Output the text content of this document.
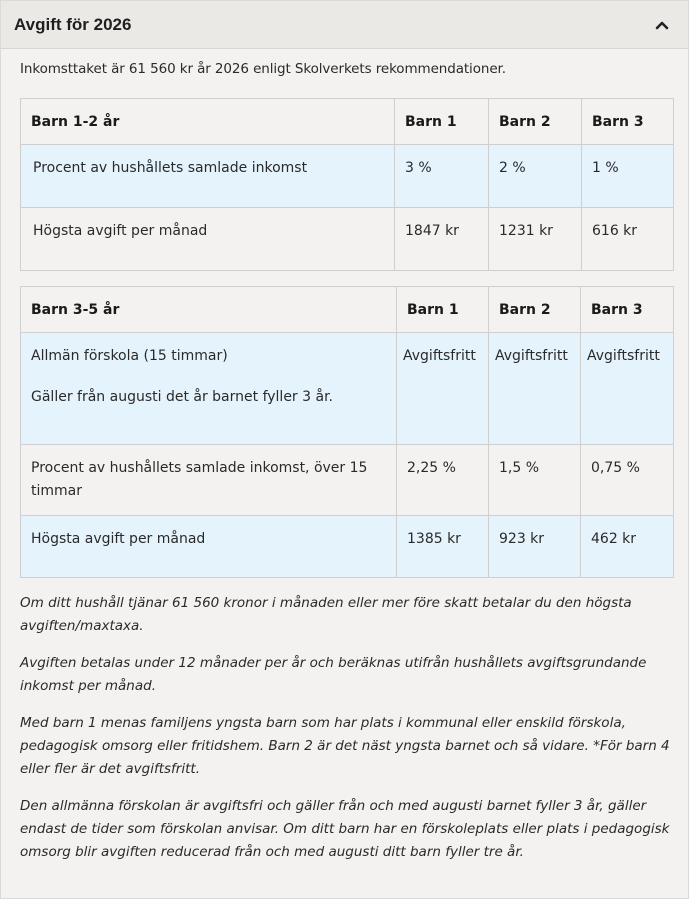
Avgift för 2026
Inkomsttaket är 61 560 kr år 2026 enligt Skolverkets rekommendationer.
Barn 1-2 år	Barn 1	Barn 2	Barn 3
Procent av hushållets samlade inkomst	3 %	2 %	1 %
Högsta avgift per månad	1847 kr	1231 kr	616 kr
Barn 3-5 år	Barn 1	Barn 2	Barn 3

Allmän förskola (15 timmar)
Gäller från augusti det år barnet fyller 3 år.	Avgiftsfritt	Avgiftsfritt	Avgiftsfritt
Procent av hushållets samlade inkomst, över 15 timmar	2,25 %	1,5 %	0,75 %
Högsta avgift per månad	1385 kr	923 kr	462 kr

Om ditt hushåll tjänar 61 560 kronor i månaden eller mer före skatt betalar du den högsta avgiften/maxtaxa.

Avgiften betalas under 12 månader per år och beräknas utifrån hushållets avgiftsgrundande inkomst per månad.

Med barn 1 menas familjens yngsta barn som har plats i kommunal eller enskild förskola, pedagogisk omsorg eller fritidshem. Barn 2 är det näst yngsta barnet och så vidare. *För barn 4 eller fler är det avgiftsfritt.

Den allmänna förskolan är avgiftsfri och gäller från och med augusti barnet fyller 3 år, gäller endast de tider som förskolan anvisar. Om ditt barn har en förskoleplats eller plats i pedagogisk omsorg blir avgiften reducerad från och med augusti ditt barn fyller tre år.
